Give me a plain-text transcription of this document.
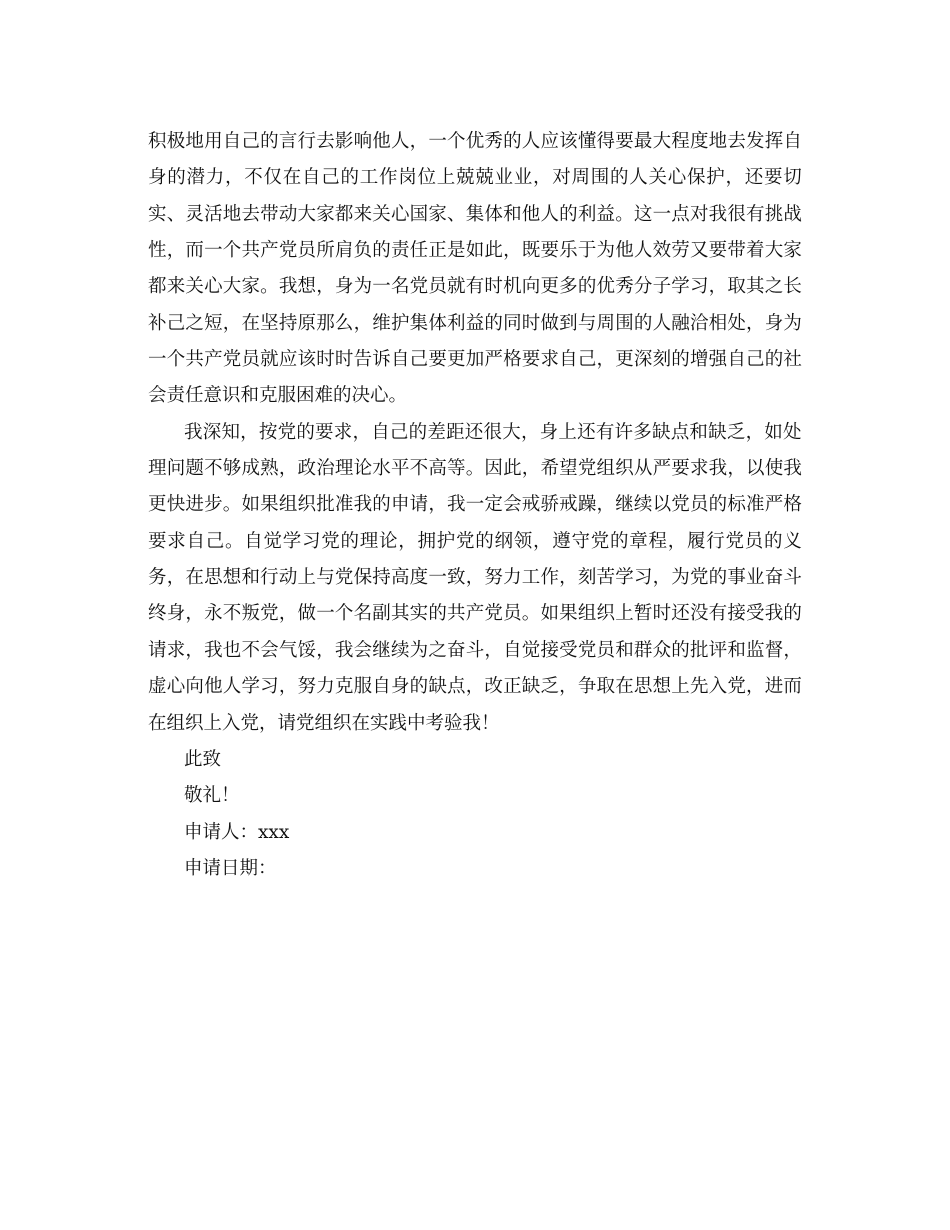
积 极 地 用 自 己 的 言 行 去 影 响 他 人 ， 一 个 优 秀 的 人 应 该 懂 得 要 最 大 程 度 地 去 发 挥 自
身 的 潜 力 ， 不 仅 在 自 己 的 工 作 岗 位 上 兢 兢 业 业 ， 对 周 围 的 人 关 心 保 护 ， 还 要 切
实 、 灵 活 地 去 带 动 大 家 都 来 关 心 国 家 、 集 体 和 他 人 的 利 益 。 这 一 点 对 我 很 有 挑 战
性 ， 而 一 个 共 产 党 员 所 肩 负 的 责 任 正 是 如 此 ， 既 要 乐 于 为 他 人 效 劳 又 要 带 着 大 家
都 来 关 心 大 家 。 我 想 ， 身 为 一 名 党 员 就 有 时 机 向 更 多 的 优 秀 分 子 学 习 ， 取 其 之 长
补 己 之 短 ， 在 坚 持 原 那 么 ， 维 护 集 体 利 益 的 同 时 做 到 与 周 围 的 人 融 洽 相 处 ， 身 为
一 个 共 产 党 员 就 应 该 时 时 告 诉 自 己 要 更 加 严 格 要 求 自 己 ， 更 深 刻 的 增 强 自 己 的 社
会责任意识和克服困难的决心。
我 深 知 ， 按 党 的 要 求 ， 自 己 的 差 距 还 很 大 ， 身 上 还 有 许 多 缺 点 和 缺 乏 ， 如 处
理 问 题 不 够 成 熟 ， 政 治 理 论 水 平 不 高 等 。 因 此 ， 希 望 党 组 织 从 严 要 求 我 ， 以 使 我
更 快 进 步 。 如 果 组 织 批 准 我 的 申 请 ， 我 一 定 会 戒 骄 戒 躁 ， 继 续 以 党 员 的 标 准 严 格
要 求 自 己 。 自 觉 学 习 党 的 理 论 ， 拥 护 党 的 纲 领 ， 遵 守 党 的 章 程 ， 履 行 党 员 的 义
务 ， 在 思 想 和 行 动 上 与 党 保 持 高 度 一 致 ， 努 力 工 作 ， 刻 苦 学 习 ， 为 党 的 事 业 奋 斗
终 身 ， 永 不 叛 党 ， 做 一 个 名 副 其 实 的 共 产 党 员 。 如 果 组 织 上 暂 时 还 没 有 接 受 我 的
请 求 ， 我 也 不 会 气 馁 ， 我 会 继 续 为 之 奋 斗 ， 自 觉 接 受 党 员 和 群 众 的 批 评 和 监 督 ，
虚 心 向 他 人 学 习 ， 努 力 克 服 自 身 的 缺 点 ， 改 正 缺 乏 ， 争 取 在 思 想 上 先 入 党 ， 进 而
在组织上入党，请党组织在实践中考验我！
此致
敬礼！
申请人：xxx
申请日期：
